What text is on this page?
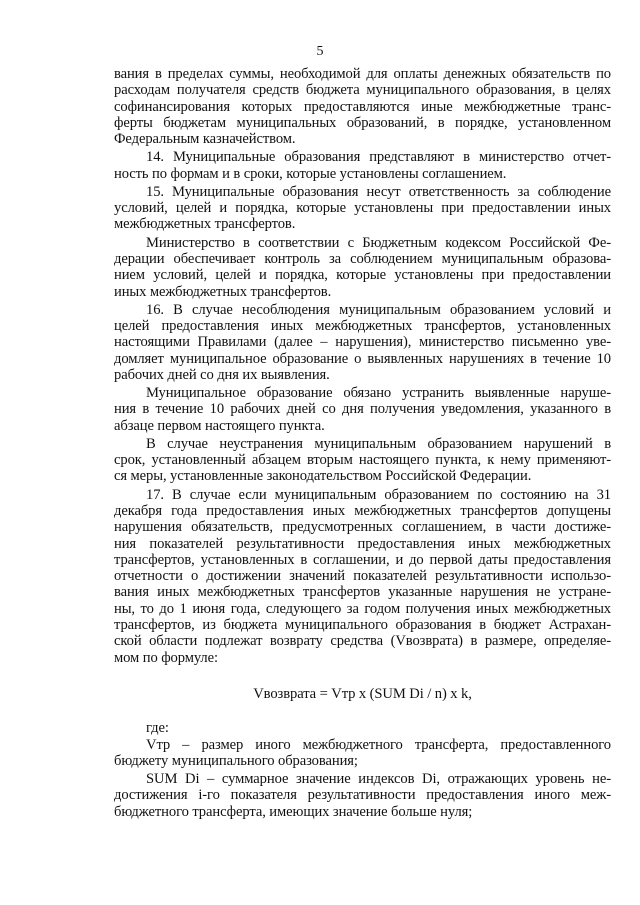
5
вания в пределах суммы, необходимой для оплаты денежных обязательств по
расходам получателя средств бюджета муниципального образования, в целях
софинансирования которых предоставляются иные межбюджетные транс-
ферты бюджетам муниципальных образований, в порядке, установленном
Федеральным казначейством.
14. Муниципальные образования представляют в министерство отчет-
ность по формам и в сроки, которые установлены соглашением.
15. Муниципальные образования несут ответственность за соблюдение
условий, целей и порядка, которые установлены при предоставлении иных
межбюджетных трансфертов.
Министерство в соответствии с Бюджетным кодексом Российской Фе-
дерации обеспечивает контроль за соблюдением муниципальным образова-
нием условий, целей и порядка, которые установлены при предоставлении
иных межбюджетных трансфертов.
16. В случае несоблюдения муниципальным образованием условий и
целей предоставления иных межбюджетных трансфертов, установленных
настоящими Правилами (далее – нарушения), министерство письменно уве-
домляет муниципальное образование о выявленных нарушениях в течение 10
рабочих дней со дня их выявления.
Муниципальное образование обязано устранить выявленные наруше-
ния в течение 10 рабочих дней со дня получения уведомления, указанного в
абзаце первом настоящего пункта.
В случае неустранения муниципальным образованием нарушений в
срок, установленный абзацем вторым настоящего пункта, к нему применяют-
ся меры, установленные законодательством Российской Федерации.
17. В случае если муниципальным образованием по состоянию на 31
декабря года предоставления иных межбюджетных трансфертов допущены
нарушения обязательств, предусмотренных соглашением, в части достиже-
ния показателей результативности предоставления иных межбюджетных
трансфертов, установленных в соглашении, и до первой даты предоставления
отчетности о достижении значений показателей результативности использо-
вания иных межбюджетных трансфертов указанные нарушения не устране-
ны, то до 1 июня года, следующего за годом получения иных межбюджетных
трансфертов, из бюджета муниципального образования в бюджет Астрахан-
ской области подлежат возврату средства (Vвозврата) в размере, определяе-
мом по формуле:
Vвозврата = Vтр x (SUM Di / n) x k,
где:
Vтр – размер иного межбюджетного трансферта, предоставленного
бюджету муниципального образования;
SUM Di – суммарное значение индексов Di, отражающих уровень не-
достижения i-го показателя результативности предоставления иного меж-
бюджетного трансферта, имеющих значение больше нуля;
